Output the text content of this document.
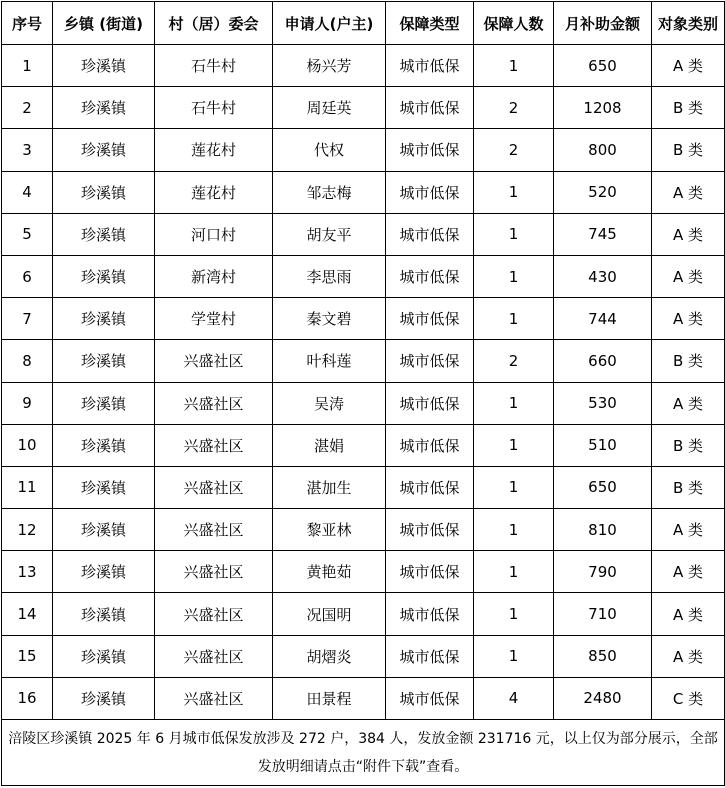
序号	乡镇 (街道)	村（居）委会	申请人(户主)	保障类型	保障人数	月补助金额	对象类别
1	珍溪镇	石牛村	杨兴芳	城市低保	1	650	A 类
2	珍溪镇	石牛村	周廷英	城市低保	2	1208	B 类
3	珍溪镇	莲花村	代权	城市低保	2	800	B 类
4	珍溪镇	莲花村	邹志梅	城市低保	1	520	A 类
5	珍溪镇	河口村	胡友平	城市低保	1	745	A 类
6	珍溪镇	新湾村	李思雨	城市低保	1	430	A 类
7	珍溪镇	学堂村	秦文碧	城市低保	1	744	A 类
8	珍溪镇	兴盛社区	叶科莲	城市低保	2	660	B 类
9	珍溪镇	兴盛社区	吴涛	城市低保	1	530	A 类
10	珍溪镇	兴盛社区	湛娟	城市低保	1	510	B 类
11	珍溪镇	兴盛社区	湛加生	城市低保	1	650	B 类
12	珍溪镇	兴盛社区	黎亚林	城市低保	1	810	A 类
13	珍溪镇	兴盛社区	黄艳茹	城市低保	1	790	A 类
14	珍溪镇	兴盛社区	况国明	城市低保	1	710	A 类
15	珍溪镇	兴盛社区	胡熠炎	城市低保	1	850	A 类
16	珍溪镇	兴盛社区	田景程	城市低保	4	2480	C 类
涪陵区珍溪镇 2025 年 6 月城市低保发放涉及 272 户，384 人，发放金额 231716 元，以上仅为部分展示，全部发放明细请点击“附件下载”查看。							
